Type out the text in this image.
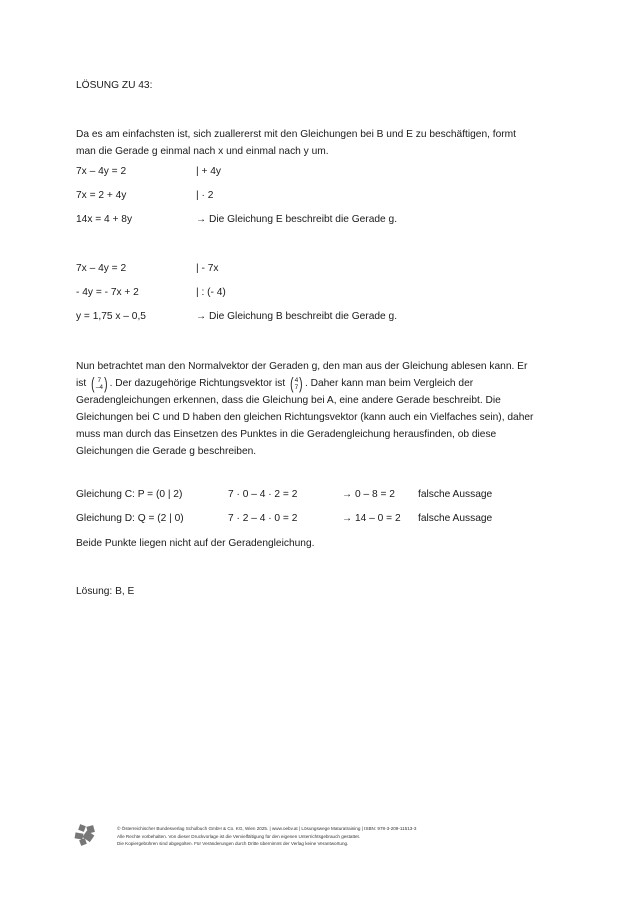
LÖSUNG ZU 43:
Da es am einfachsten ist, sich zuallererst mit den Gleichungen bei B und E zu beschäftigen, formt man die Gerade g einmal nach x und einmal nach y um.
7x – 4y = 2	| + 4y
7x = 2 + 4y	| · 2
14x = 4 + 8y	→ Die Gleichung E beschreibt die Gerade g.
7x – 4y = 2	| - 7x
- 4y = - 7x + 2	| : (- 4)
y = 1,75 x – 0,5	→ Die Gleichung B beschreibt die Gerade g.
Nun betrachtet man den Normalvektor der Geraden g, den man aus der Gleichung ablesen kann. Er ist ( 7
–4 ) . Der dazugehörige Richtungsvektor ist ( 4
7 ) . Daher kann man beim Vergleich der Geradengleichungen erkennen, dass die Gleichung bei A, eine andere Gerade beschreibt. Die Gleichungen bei C und D haben den gleichen Richtungsvektor (kann auch ein Vielfaches sein), daher muss man durch das Einsetzen des Punktes in die Geradengleichung herausfinden, ob diese Gleichungen die Gerade g beschreiben.
Gleichung C: P = (0 | 2)	7 · 0 – 4 · 2 = 2	→ 0 – 8 = 2 falsche Aussage
Gleichung D: Q = (2 | 0)	7 · 2 – 4 · 0 = 2	→ 14 – 0 = 2 falsche Aussage
Beide Punkte liegen nicht auf der Geradengleichung.
Lösung: B, E
© Österreichischer Bundesverlag Schulbuch GmbH & Co. KG, Wien 2025. | www.oebv.at | Lösungswege Maturatraining | ISBN: 978-3-209-11513-3
Alle Rechte vorbehalten. Von dieser Druckvorlage ist die Vervielfältigung für den eigenen Unterrichtsgebrauch gestattet.
Die Kopiergebühren sind abgegolten. Für Veränderungen durch Dritte übernimmt der Verlag keine Verantwortung.
